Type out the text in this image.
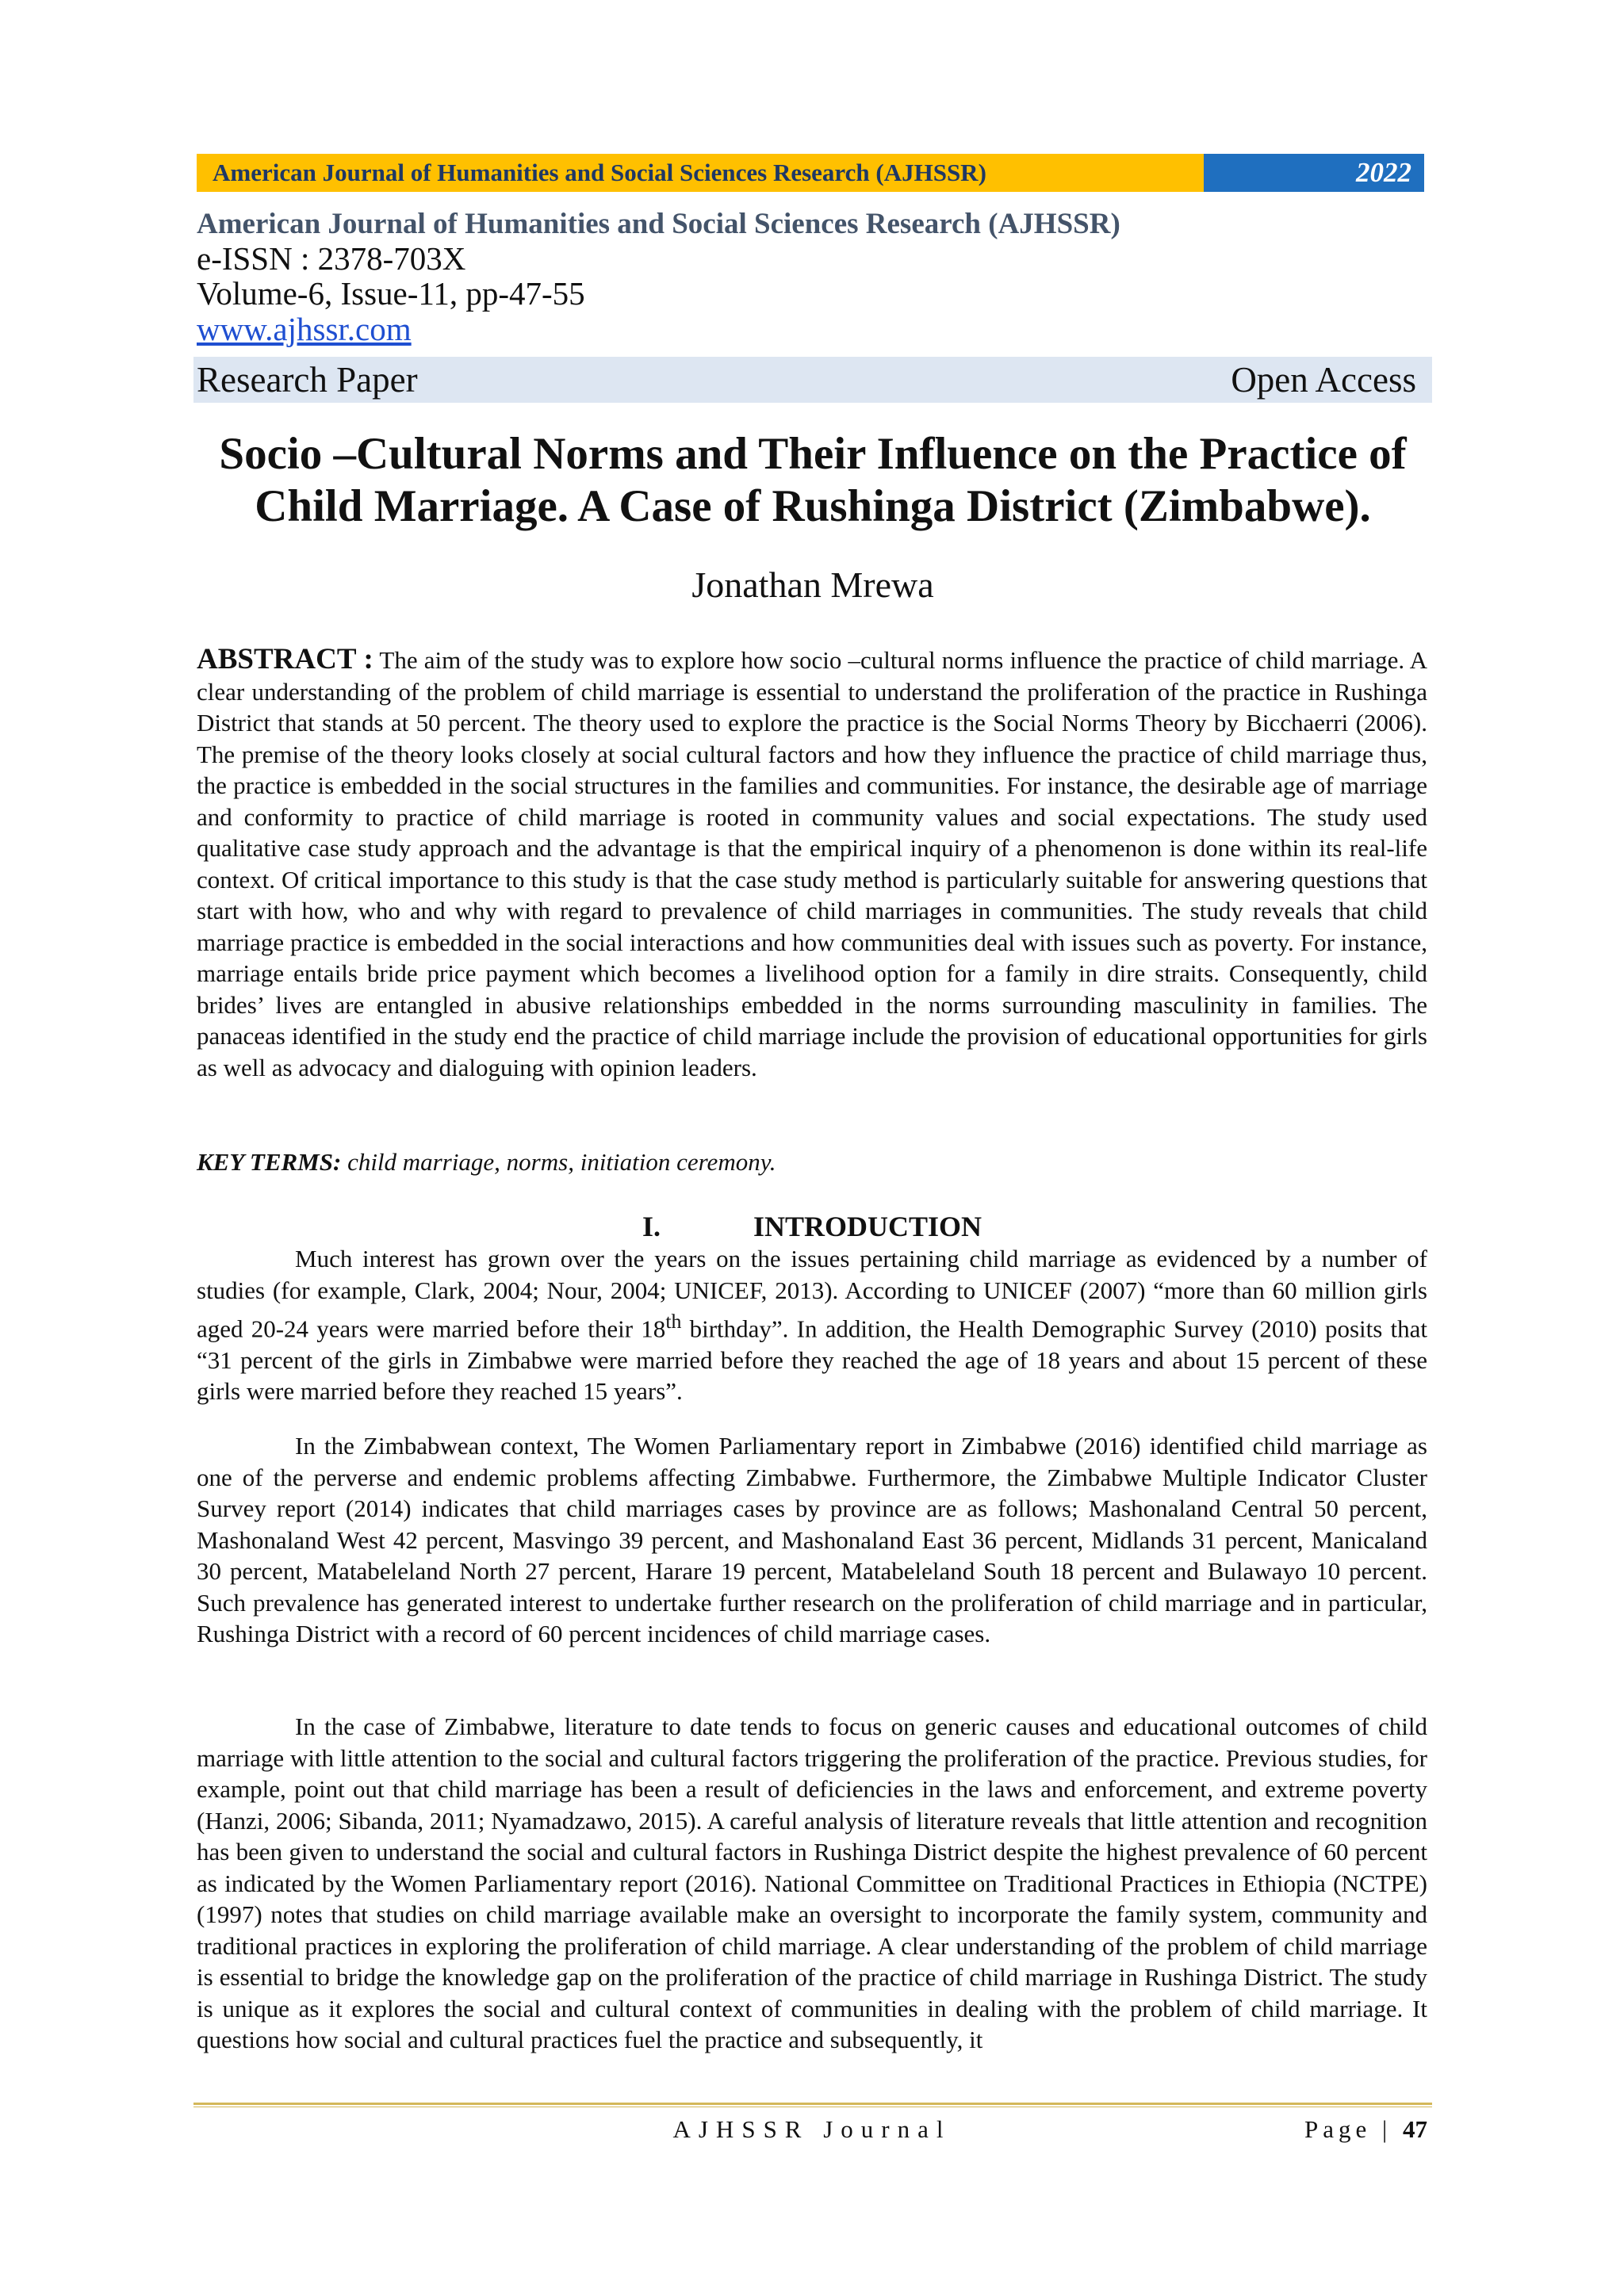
American Journal of Humanities and Social Sciences Research (AJHSSR)	2022

American Journal of Humanities and Social Sciences Research (AJHSSR)

e-ISSN : 2378-703X

Volume-6, Issue-11, pp-47-55

www.ajhssr.com
Research Paper	Open Access
Socio –Cultural Norms and Their Influence on the Practice of
Child Marriage. A Case of Rushinga District (Zimbabwe).

Jonathan Mrewa

ABSTRACT : The aim of the study was to explore how socio –cultural norms influence the practice of child marriage. A clear understanding of the problem of child marriage is essential to understand the proliferation of the practice in Rushinga District that stands at 50 percent. The theory used to explore the practice is the Social Norms Theory by Bicchaerri (2006). The premise of the theory looks closely at social cultural factors and how they influence the practice of child marriage thus, the practice is embedded in the social structures in the families and communities. For instance, the desirable age of marriage and conformity to practice of child marriage is rooted in community values and social expectations. The study used qualitative case study approach and the advantage is that the empirical inquiry of a phenomenon is done within its real-life context. Of critical importance to this study is that the case study method is particularly suitable for answering questions that start with how, who and why with regard to prevalence of child marriages in communities. The study reveals that child marriage practice is embedded in the social interactions and how communities deal with issues such as poverty. For instance, marriage entails bride price payment which becomes a livelihood option for a family in dire straits. Consequently, child brides’ lives are entangled in abusive relationships embedded in the norms surrounding masculinity in families. The panaceas identified in the study end the practice of child marriage include the provision of educational opportunities for girls as well as advocacy and dialoguing with opinion leaders.

KEY TERMS: child marriage, norms, initiation ceremony.

I.	INTRODUCTION

Much interest has grown over the years on the issues pertaining child marriage as evidenced by a number of studies (for example, Clark, 2004; Nour, 2004; UNICEF, 2013). According to UNICEF (2007) “more than 60 million girls aged 20-24 years were married before their 18th birthday”. In addition, the Health Demographic Survey (2010) posits that “31 percent of the girls in Zimbabwe were married before they reached the age of 18 years and about 15 percent of these girls were married before they reached 15 years”.

In the Zimbabwean context, The Women Parliamentary report in Zimbabwe (2016) identified child marriage as one of the perverse and endemic problems affecting Zimbabwe. Furthermore, the Zimbabwe Multiple Indicator Cluster Survey report (2014) indicates that child marriages cases by province are as follows; Mashonaland Central 50 percent, Mashonaland West 42 percent, Masvingo 39 percent, and Mashonaland East 36 percent, Midlands 31 percent, Manicaland 30 percent, Matabeleland North 27 percent, Harare 19 percent, Matabeleland South 18 percent and Bulawayo 10 percent. Such prevalence has generated interest to undertake further research on the proliferation of child marriage and in particular, Rushinga District with a record of 60 percent incidences of child marriage cases.

In the case of Zimbabwe, literature to date tends to focus on generic causes and educational outcomes of child marriage with little attention to the social and cultural factors triggering the proliferation of the practice. Previous studies, for example, point out that child marriage has been a result of deficiencies in the laws and enforcement, and extreme poverty (Hanzi, 2006; Sibanda, 2011; Nyamadzawo, 2015). A careful analysis of literature reveals that little attention and recognition has been given to understand the social and cultural factors in Rushinga District despite the highest prevalence of 60 percent as indicated by the Women Parliamentary report (2016). National Committee on Traditional Practices in Ethiopia (NCTPE) (1997) notes that studies on child marriage available make an oversight to incorporate the family system, community and traditional practices in exploring the proliferation of child marriage. A clear understanding of the problem of child marriage is essential to bridge the knowledge gap on the proliferation of the practice of child marriage in Rushinga District. The study is unique as it explores the social and cultural context of communities in dealing with the problem of child marriage. It questions how social and cultural practices fuel the practice and subsequently, it

AJHSSR Journal	Page | 47
